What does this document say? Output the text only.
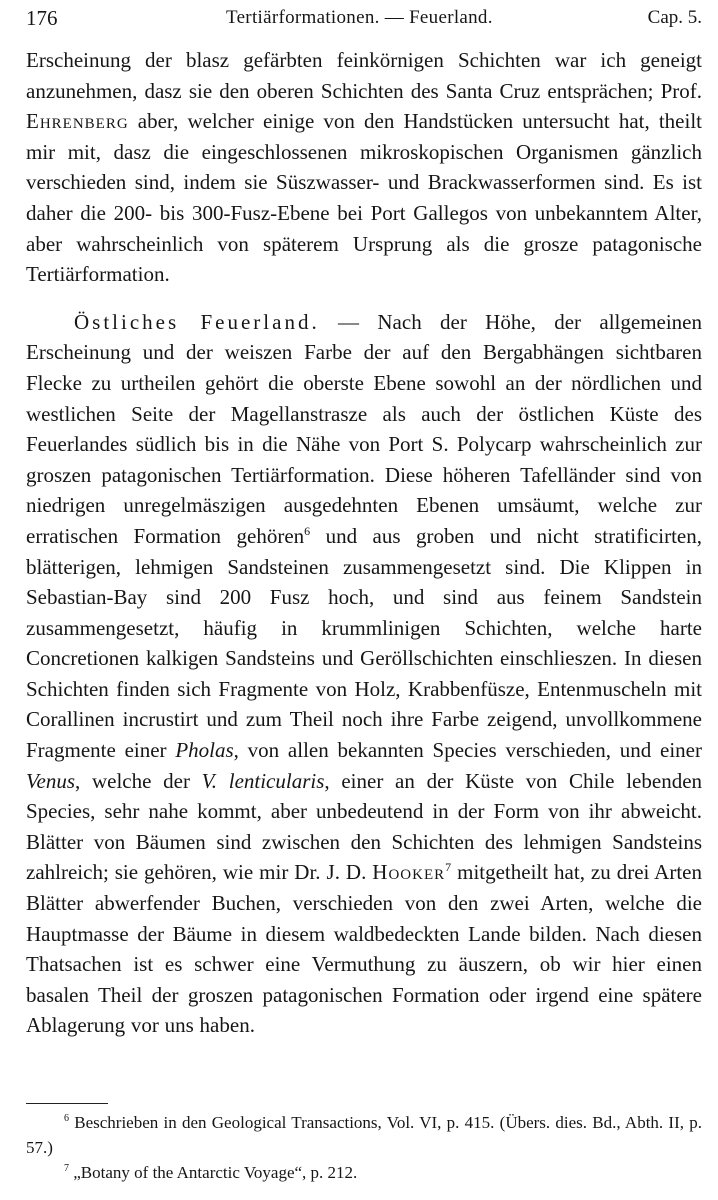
176	Tertiärformationen. — Feuerland.	Cap. 5.

Erscheinung der blasz gefärbten feinkörnigen Schichten war ich geneigt anzunehmen, dasz sie den oberen Schichten des Santa Cruz entsprächen; Prof. Ehrenberg aber, welcher einige von den Handstücken untersucht hat, theilt mir mit, dasz die eingeschlossenen mikroskopischen Organismen gänzlich verschieden sind, indem sie Süszwasser- und Brackwasserformen sind. Es ist daher die 200- bis 300-Fusz-Ebene bei Port Gallegos von unbekanntem Alter, aber wahrscheinlich von späterem Ursprung als die grosze patagonische Tertiärformation.

Östliches Feuerland. — Nach der Höhe, der allgemeinen Erscheinung und der weiszen Farbe der auf den Bergabhängen sichtbaren Flecke zu urtheilen gehört die oberste Ebene sowohl an der nördlichen und westlichen Seite der Magellanstrasze als auch der östlichen Küste des Feuerlandes südlich bis in die Nähe von Port S. Polycarp wahrscheinlich zur groszen patagonischen Tertiärformation. Diese höheren Tafelländer sind von niedrigen unregelmäszigen ausgedehnten Ebenen umsäumt, welche zur erratischen Formation gehören$^6$ und aus groben und nicht stratificirten, blätterigen, lehmigen Sandsteinen zusammengesetzt sind. Die Klippen in Sebastian-Bay sind 200 Fusz hoch, und sind aus feinem Sandstein zusammengesetzt, häufig in krummlinigen Schichten, welche harte Concretionen kalkigen Sandsteins und Geröllschichten einschlieszen. In diesen Schichten finden sich Fragmente von Holz, Krabbenfüsze, Entenmuscheln mit Corallinen incrustirt und zum Theil noch ihre Farbe zeigend, unvollkommene Fragmente einer Pholas, von allen bekannten Species verschieden, und einer Venus, welche der V. lenticularis, einer an der Küste von Chile lebenden Species, sehr nahe kommt, aber unbedeutend in der Form von ihr abweicht. Blätter von Bäumen sind zwischen den Schichten des lehmigen Sandsteins zahlreich; sie gehören, wie mir Dr. J. D. Hooker$^7$ mitgetheilt hat, zu drei Arten Blätter abwerfender Buchen, verschieden von den zwei Arten, welche die Hauptmasse der Bäume in diesem waldbedeckten Lande bilden. Nach diesen Thatsachen ist es schwer eine Vermuthung zu äuszern, ob wir hier einen basalen Theil der groszen patagonischen Formation oder irgend eine spätere Ablagerung vor uns haben.

$^6$ Beschrieben in den Geological Transactions, Vol. VI, p. 415. (Übers. dies. Bd., Abth. II, p. 57.)

$^7$ „Botany of the Antarctic Voyage“, p. 212.
